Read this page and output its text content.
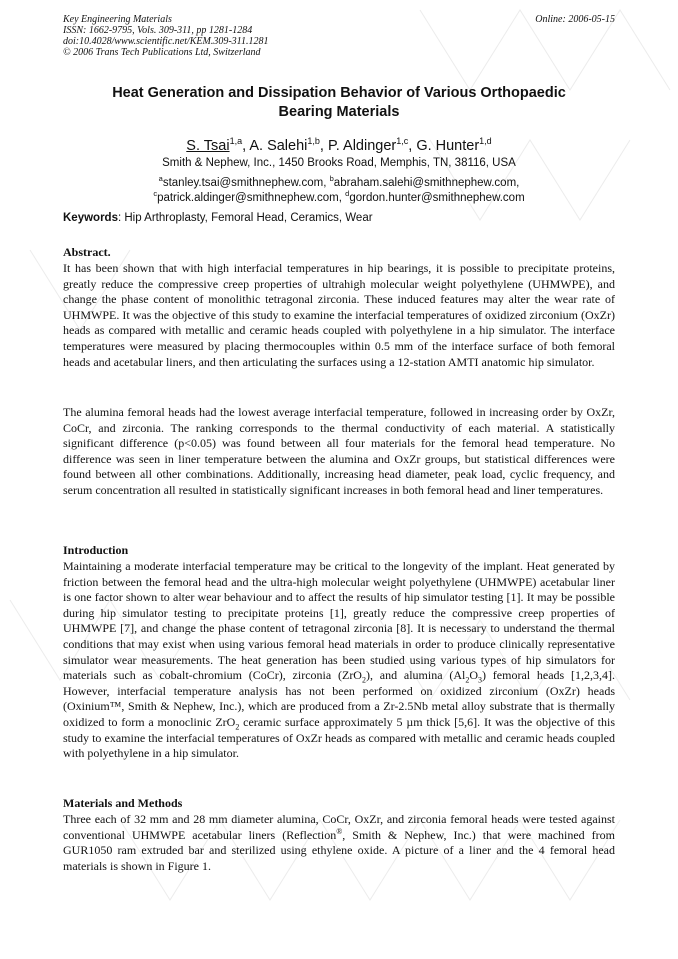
Key Engineering Materials
ISSN: 1662-9795, Vols. 309-311, pp 1281-1284
doi:10.4028/www.scientific.net/KEM.309-311.1281
© 2006 Trans Tech Publications Ltd, Switzerland
Online: 2006-05-15
Heat Generation and Dissipation Behavior of Various Orthopaedic
Bearing Materials
S. Tsai$^{1,a}$, A. Salehi$^{1,b}$, P. Aldinger$^{1,c}$, G. Hunter$^{1,d}$
Smith & Nephew, Inc., 1450 Brooks Road, Memphis, TN, 38116, USA
$^a$stanley.tsai@smithnephew.com, $^b$abraham.salehi@smithnephew.com,
$^c$patrick.aldinger@smithnephew.com, $^d$gordon.hunter@smithnephew.com
Keywords: Hip Arthroplasty, Femoral Head, Ceramics, Wear
Abstract.
It has been shown that with high interfacial temperatures in hip bearings, it is possible to precipitate proteins, greatly reduce the compressive creep properties of ultrahigh molecular weight polyethylene (UHMWPE), and change the phase content of monolithic tetragonal zirconia. These induced features may alter the wear rate of UHMWPE. It was the objective of this study to examine the interfacial temperatures of oxidized zirconium (OxZr) heads as compared with metallic and ceramic heads coupled with polyethylene in a hip simulator. The interface temperatures were measured by placing thermocouples within 0.5 mm of the interface surface of both femoral heads and acetabular liners, and then articulating the surfaces using a 12-station AMTI anatomic hip simulator.
The alumina femoral heads had the lowest average interfacial temperature, followed in increasing order by OxZr, CoCr, and zirconia. The ranking corresponds to the thermal conductivity of each material. A statistically significant difference (p<0.05) was found between all four materials for the femoral head temperature. No difference was seen in liner temperature between the alumina and OxZr groups, but statistical differences were found between all other combinations. Additionally, increasing head diameter, peak load, cyclic frequency, and serum concentration all resulted in statistically significant increases in both femoral head and liner temperatures.
Introduction
Maintaining a moderate interfacial temperature may be critical to the longevity of the implant. Heat generated by friction between the femoral head and the ultra-high molecular weight polyethylene (UHMWPE) acetabular liner is one factor shown to alter wear behaviour and to affect the results of hip simulator testing [1]. It may be possible during hip simulator testing to precipitate proteins [1], greatly reduce the compressive creep properties of UHMWPE [7], and change the phase content of tetragonal zirconia [8]. It is necessary to understand the thermal conditions that may exist when using various femoral head materials in order to produce clinically representative simulator wear measurements. The heat generation has been studied using various types of hip simulators for materials such as cobalt-chromium (CoCr), zirconia (ZrO$_2$), and alumina $(Al_2O_3)$ femoral heads [1,2,3,4]. However, interfacial temperature analysis has not been performed on oxidized zirconium (OxZr) heads (Oxinium™, Smith & Nephew, Inc.), which are produced from a Zr-2.5Nb metal alloy substrate that is thermally oxidized to form a monoclinic ZrO$_2$ ceramic surface approximately 5 µm thick [5,6]. It was the objective of this study to examine the interfacial temperatures of OxZr heads as compared with metallic and ceramic heads coupled with polyethylene in a hip simulator.
Materials and Methods
Three each of 32 mm and 28 mm diameter alumina, CoCr, OxZr, and zirconia femoral heads were tested against conventional UHMWPE acetabular liners (Reflection®, Smith & Nephew, Inc.) that were machined from GUR1050 ram extruded bar and sterilized using ethylene oxide. A picture of a liner and the 4 femoral head materials is shown in Figure 1.
